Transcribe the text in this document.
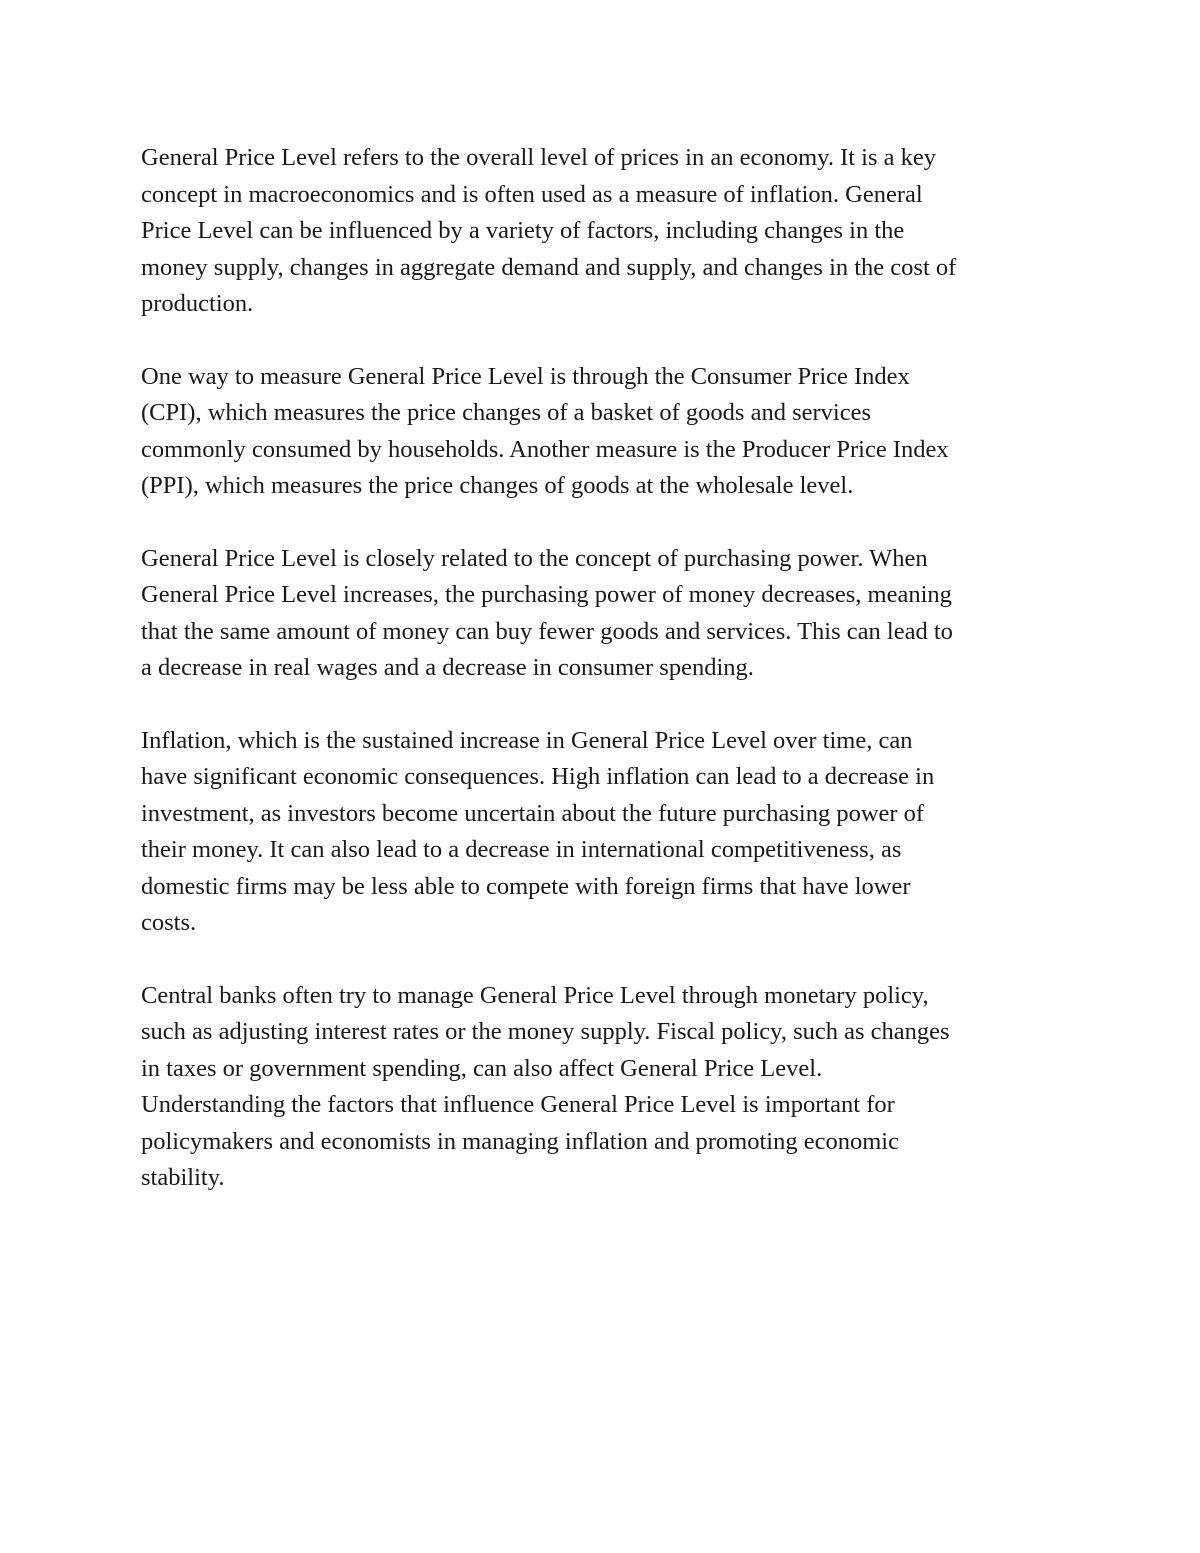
General Price Level refers to the overall level of prices in an economy. It is a key
concept in macroeconomics and is often used as a measure of inflation. General
Price Level can be influenced by a variety of factors, including changes in the
money supply, changes in aggregate demand and supply, and changes in the cost of
production.

One way to measure General Price Level is through the Consumer Price Index
(CPI), which measures the price changes of a basket of goods and services
commonly consumed by households. Another measure is the Producer Price Index
(PPI), which measures the price changes of goods at the wholesale level.

General Price Level is closely related to the concept of purchasing power. When
General Price Level increases, the purchasing power of money decreases, meaning
that the same amount of money can buy fewer goods and services. This can lead to
a decrease in real wages and a decrease in consumer spending.

Inflation, which is the sustained increase in General Price Level over time, can
have significant economic consequences. High inflation can lead to a decrease in
investment, as investors become uncertain about the future purchasing power of
their money. It can also lead to a decrease in international competitiveness, as
domestic firms may be less able to compete with foreign firms that have lower
costs.

Central banks often try to manage General Price Level through monetary policy,
such as adjusting interest rates or the money supply. Fiscal policy, such as changes
in taxes or government spending, can also affect General Price Level.
Understanding the factors that influence General Price Level is important for
policymakers and economists in managing inflation and promoting economic
stability.
